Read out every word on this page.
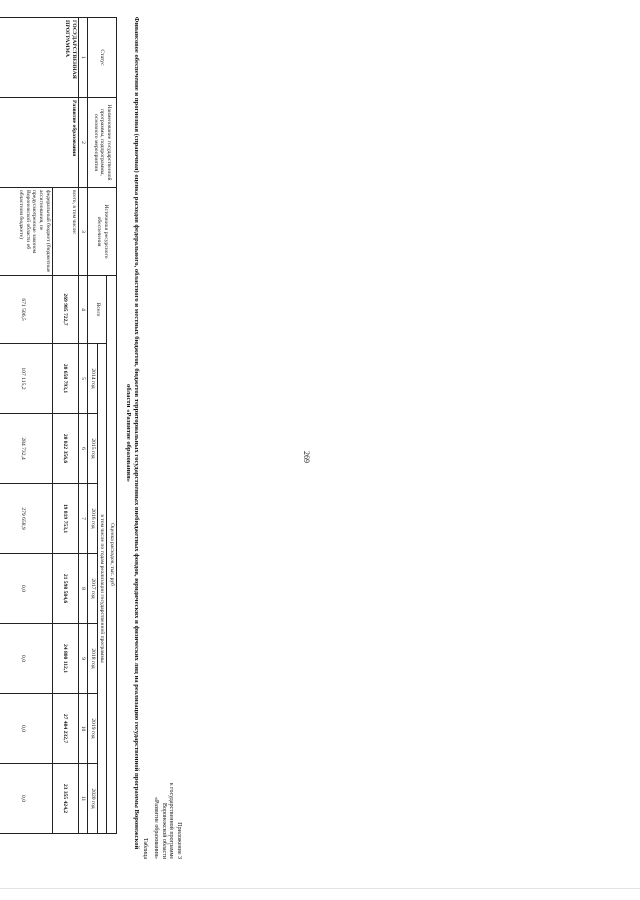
269
Приложение 3
к государственной программе
Воронежской области
«Развитие образования»
Таблица
Финансовое обеспечение и прогнозная (справочная) оценка расходов федерального, областного и местных бюджетов, бюджетов территориальных государственных внебюджетных фондов, юридических и физических лиц на реализацию государственной программы Воронежской области «Развитие образования»
Статус	Наименование государственной программы, подпрограммы, основного мероприятия	Источники ресурсного обеспечения	Оценка расходов, тыс. руб							
			Всего	в том числе по годам реализации государственной программы						
				2014 год	2015 год	2016 год	2017 год	2018 год	2019 год	2020 год
1	2	3	4	5	6	7	8	9	10	11
ГОСУДАРСТВЕННАЯ ПРОГРАММА	Развитие образования	всего, в том числе:	269 985 722,7	20 658 793,1	20 022 356,6	19 819 753,1	21 598 584,6	24 800 112,1	27 404 232,7	23 355 424,2
		федеральный бюджет (бюджетные ассигнования, не предусмотренные законом Воронежской области об областном бюджете)	671 506,5	107 115,2	284 732,4	279 658,9	0,0	0,0	0,0	0,0
